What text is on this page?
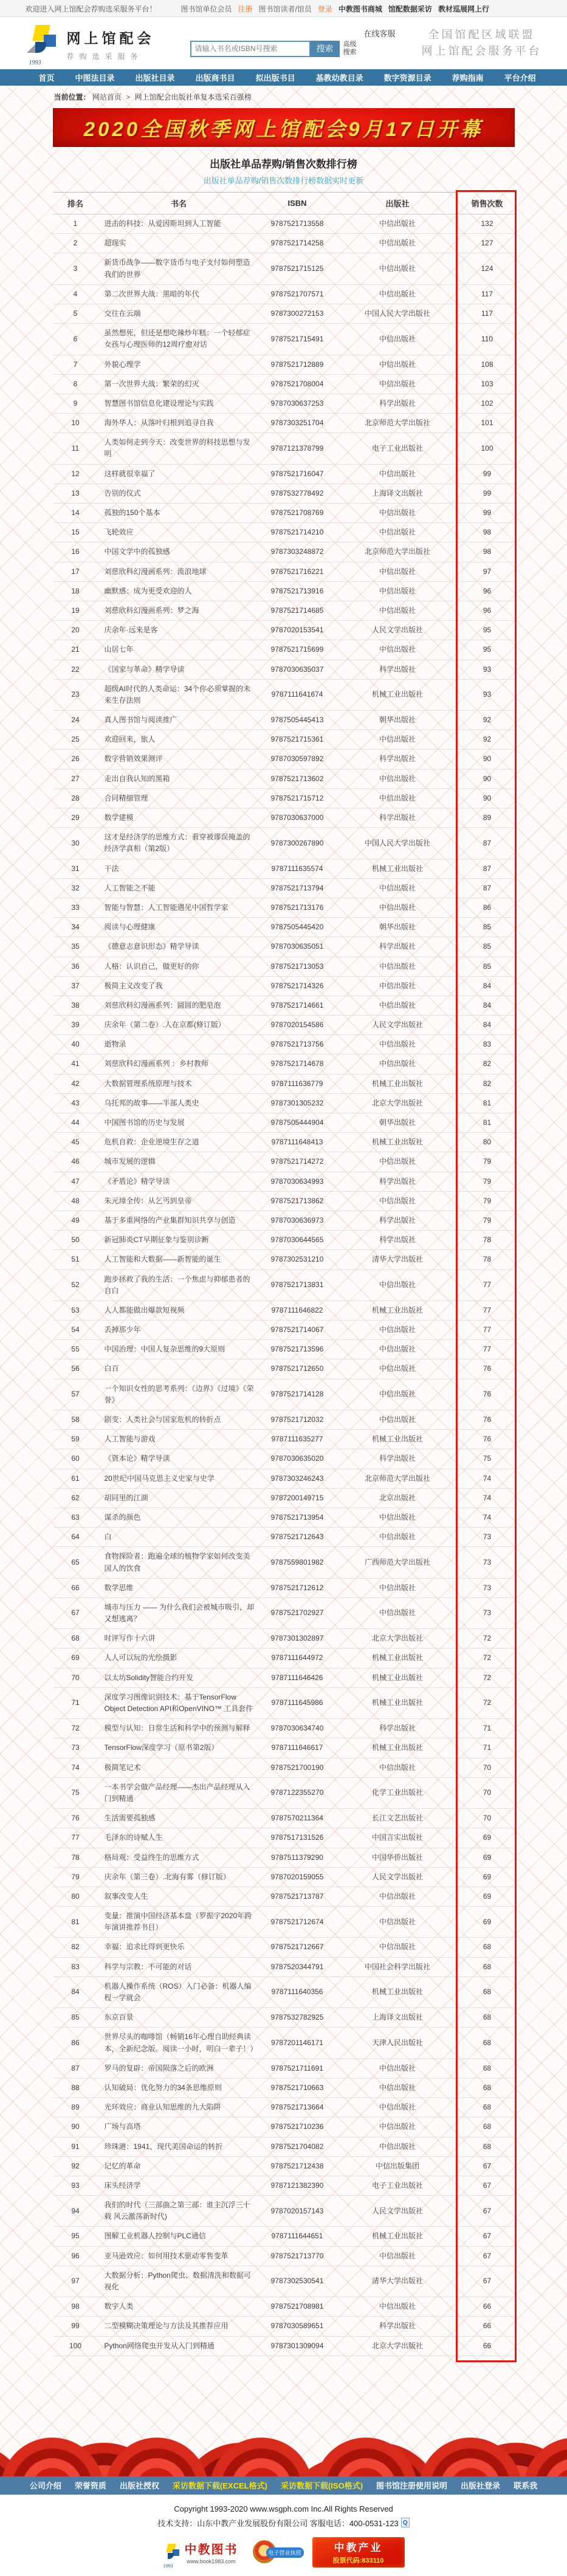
欢迎进入网上馆配会荐购选采服务平台！	图书馆单位会员 注册 图书馆读者/馆员 登录 中教图书商城 馆配数据采访 教材巡展网上行
1993
网上馆配会
荐购选采服务
在线客服
请输入书名或ISBN号搜索
搜索	高级
搜索
全国馆配区域联盟
网上馆配会服务平台
首页	中图法目录	出版社目录	出版商书目	拟出版书目	基教幼教目录	数字资源目录	荐购指南	平台介绍
当前位置： 网站首页 > 网上馆配会出版社单复本选采百强榜
2020全国秋季网上馆配会9月17日开幕
出版社单品荐购/销售次数排行榜
出版社单品荐购/销售次数排行榜数据实时更新
排名	书名	ISBN	出版社	销售次数
1	进击的科技：从爱因斯坦到人工智能	9787521713558	中信出版社	132
2	超现实	9787521714258	中信出版社	127
3	新货币战争——数字货币与电子支付如何塑造我们的世界	9787521715125	中信出版社	124
4	第二次世界大战：黑暗的年代	9787521707571	中信出版社	117
5	交往在云端	9787300272153	中国人民大学出版社	117
6	虽然想死，但还是想吃辣炒年糕：一个轻郁症女孩与心理医师的12周疗愈对话	9787521715491	中信出版社	110
7	外貌心理学	9787521712889	中信出版社	108
8	第一次世界大战：繁荣的幻灭	9787521708004	中信出版社	103
9	智慧图书馆信息化建设理论与实践	9787030637253	科学出版社	102
10	海外华人：从落叶归根到追寻自我	9787303251704	北京师范大学出版社	101
11	人类如何走到今天：改变世界的科技思想与发明	9787121378799	电子工业出版社	100
12	这样就很幸福了	9787521716047	中信出版社	99
13	告别的仪式	9787532778492	上海译文出版社	99
14	孤独的150个基本	9787521708769	中信出版社	99
15	飞轮效应	9787521714210	中信出版社	98
16	中国文学中的孤独感	9787303248872	北京师范大学出版社	98
17	刘慈欣科幻漫画系列：流浪地球	9787521716221	中信出版社	97
18	幽默感：成为更受欢迎的人	9787521713916	中信出版社	96
19	刘慈欣科幻漫画系列：梦之海	9787521714685	中信出版社	96
20	庆余年·远来是客	9787020153541	人民文学出版社	95
21	山居七年	9787521715699	中信出版社	95
22	《国家与革命》精学导读	9787030635037	科学出版社	93
23	超级AI时代的人类命运：34个你必须掌握的未来生存法则	9787111641674	机械工业出版社	93
24	真人图书馆与阅读推广	9787505445413	朝华出版社	92
25	欢迎回来，旅人	9787521715361	中信出版社	92
26	数字营销效果测评	9787030597892	科学出版社	90
27	走出自我认知的黑箱	9787521713602	中信出版社	90
28	合同精细管理	9787521715712	中信出版社	90
29	数学建模	9787030637000	科学出版社	89
30	这才是经济学的思维方式：看穿被谬误掩盖的经济学真相（第2版）	9787300267890	中国人民大学出版社	87
31	干法	9787111635574	机械工业出版社	87
32	人工智能之不能	9787521713794	中信出版社	87
33	智能与智慧：人工智能遇见中国哲学家	9787521713176	中信出版社	86
34	阅读与心理健康	9787505445420	朝华出版社	85
35	《德意志意识形态》精学导读	9787030635051	科学出版社	85
36	人格：认识自己，做更好的你	9787521713053	中信出版社	85
37	极简主义改变了我	9787521714326	中信出版社	84
38	刘慈欣科幻漫画系列：圆圆的肥皂泡	9787521714661	中信出版社	84
39	庆余年（第二卷）.人在京都(修订版）	9787020154586	人民文学出版社	84
40	逝物录	9787521713756	中信出版社	83
41	刘慈欣科幻漫画系列 ：乡村教师	9787521714678	中信出版社	82
42	大数据管理系统原理与技术	9787111636779	机械工业出版社	82
43	乌托邦的故事——半部人类史	9787301305232	北京大学出版社	81
44	中国图书馆的历史与发展	9787505444904	朝华出版社	81
45	危机自救：企业逆境生存之道	9787111648413	机械工业出版社	80
46	城市发展的逻辑	9787521714272	中信出版社	79
47	《矛盾论》精学导读	9787030634993	科学出版社	79
48	朱元璋全传：从乞丐到皇帝	9787521713862	中信出版社	79
49	基于多重网络的产业集群知识共享与创造	9787030636973	科学出版社	79
50	新冠肺炎CT早期征象与鉴别诊断	9787030644565	科学出版社	78
51	人工智能和大数据——新智能的诞生	9787302531210	清华大学出版社	78
52	跑步拯救了我的生活：一个焦虑与抑郁患者的自白	9787521713831	中信出版社	77
53	人人都能做出爆款短视频	9787111646822	机械工业出版社	77
54	丢掉那少年	9787521714067	中信出版社	77
55	中国治理：中国人复杂思维的9大原则	9787521713596	中信出版社	77
56	白百	9787521712650	中信出版社	76
57	一个知识女性的思考系列：《边界》《过境》《荣誉》	9787521714128	中信出版社	76
58	剧变：人类社会与国家危机的转折点	9787521712032	中信出版社	76
59	人工智能与游戏	9787111635277	机械工业出版社	76
60	《资本论》精学导读	9787030635020	科学出版社	75
61	20世纪中国马克思主义史家与史学	9787303246243	北京师范大学出版社	74
62	胡同里的江湖	9787200149715	北京出版社	74
63	谋杀的颜色	9787521713954	中信出版社	74
64	白	9787521712643	中信出版社	73
65	食物探险者：跑遍全球的植物学家如何改变美国人的饮食	9787559801982	广西师范大学出版社	73
66	数学思维	9787521712612	中信出版社	73
67	城市与压力 —— 为什么我们会被城市吸引，却又想逃离？	9787521702927	中信出版社	73
68	时评写作十六讲	9787301302897	北京大学出版社	72
69	人人可以玩的光绘摄影	9787111644972	机械工业出版社	72
70	以太坊Solidity智能合约开发	9787111646426	机械工业出版社	72
71	深度学习图像识别技术：基于TensorFlow Object Detection API和OpenVINO™ 工具套件	9787111645986	机械工业出版社	72
72	模型与认知：日常生活和科学中的预测与解释	9787030634740	科学出版社	71
73	TensorFlow深度学习（原书第2版）	9787111646617	机械工业出版社	71
74	极简笔记术	9787521700190	中信出版社	70
75	一本书学会做产品经理——杰出产品经理从入门到精通	9787122355270	化学工业出版社	70
76	生活需要孤独感	9787570211364	长江文艺出版社	70
77	毛泽东的诗赋人生	9787517131526	中国言实出版社	69
78	格局观：受益终生的思维方式	9787511379290	中国华侨出版社	69
79	庆余年（第三卷）.北海有雾（修订版）	9787020159055	人民文学出版社	69
80	叙事改变人生	9787521713787	中信出版社	69
81	变量：推演中国经济基本盘（罗振宇2020年跨年演讲推荐书目）	9787521712674	中信出版社	69
82	幸福：追求比得到更快乐	9787521712667	中信出版社	68
83	科学与宗教：不可能的对话	9787520344791	中国社会科学出版社	68
84	机器人操作系统（ROS）入门必备：机器人编程一学就会	9787111640356	机械工业出版社	68
85	东京百景	9787532782925	上海译文出版社	68
86	世界尽头的咖啡馆（畅销16年心理自助经典读本，全新纪念版。阅读一小时，明白一辈子！）	9787201146171	天津人民出版社	68
87	罗马的复辟：帝国陨落之后的欧洲	9787521711691	中信出版社	68
88	认知破局：优化努力的34条思维原则	9787521710663	中信出版社	68
89	光环效应：商业认知思维的九大陷阱	9787521713664	中信出版社	68
90	广场与高塔	9787521710236	中信出版社	68
91	珍珠港：1941，现代美国命运的转折	9787521704082	中信出版社	68
92	记忆的革命	9787521712438	中信出版集团	67
93	床头经济学	9787121382390	电子工业出版社	67
94	我们的时代（三部曲之第三部：谁主沉浮三十载 风云激荡新时代)	9787020157143	人民文学出版社	67
95	图解工业机器人控制与PLC通信	9787111644651	机械工业出版社	67
96	亚马逊效应：如何用技术驱动零售变革	9787521713770	中信出版社	67
97	大数据分析：Python爬虫、数据清洗和数据可视化	9787302530541	清华大学出版社	67
98	数字人类	9787521708981	中信出版社	66
99	二型模糊决策理论与方法及其推荐应用	9787030589651	科学出版社	66
100	Python网络爬虫开发从入门到精通	9787301309094	北京大学出版社	66
公司介绍 荣誉资质 出版社授权 采访数据下载(EXCEL格式) 采访数据下载(ISO格式) 图书馆注册使用说明 出版社登录 联系我
Copyright 1993-2020 www.wsgph.com Inc.All Rights Reserved
技术支持：山东中教产业发展股份有限公司 客服电话：400-0531-123 Q
1993
中教图书
www.book1983.com
电子营业执照	中教产业
股票代码:833110
